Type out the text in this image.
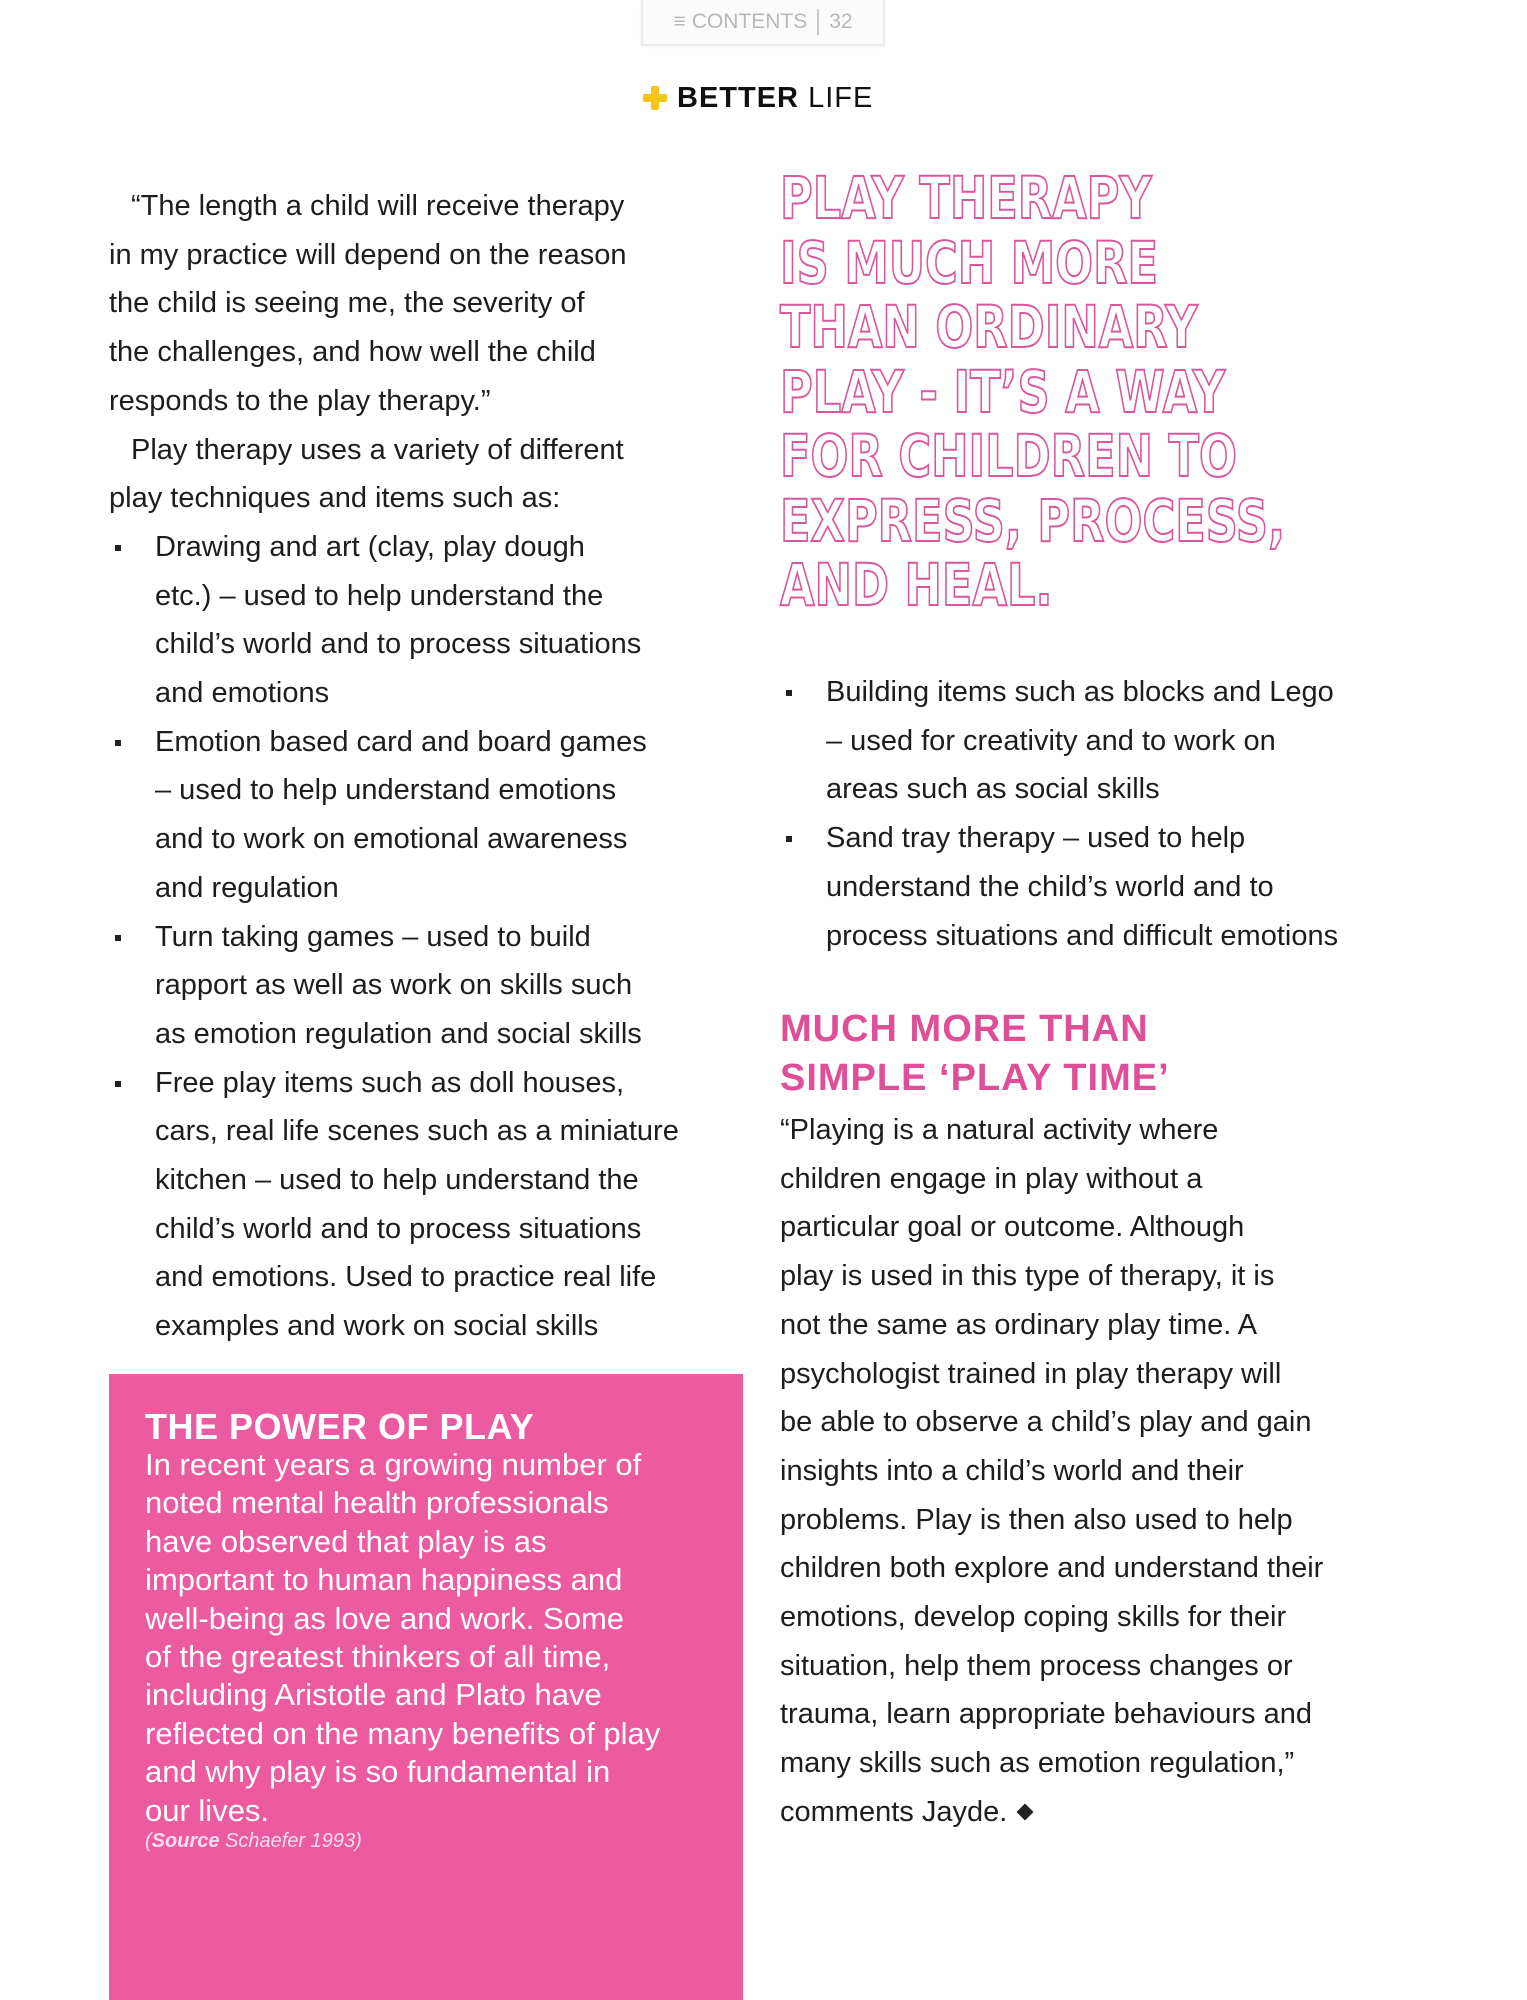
≡ CONTENTS 32
BETTER LIFE
“The length a child will receive therapy
in my practice will depend on the reason
the child is seeing me, the severity of
the challenges, and how well the child
responds to the play therapy.”
Play therapy uses a variety of different
play techniques and items such as:
Drawing and art (clay, play dough
etc.) – used to help understand the
child’s world and to process situations
and emotions
Emotion based card and board games
– used to help understand emotions
and to work on emotional awareness
and regulation
Turn taking games – used to build
rapport as well as work on skills such
as emotion regulation and social skills
Free play items such as doll houses,
cars, real life scenes such as a miniature
kitchen – used to help understand the
child’s world and to process situations
and emotions. Used to practice real life
examples and work on social skills
THE POWER OF PLAY
In recent years a growing number of
noted mental health professionals
have observed that play is as
important to human happiness and
well-being as love and work. Some
of the greatest thinkers of all time,
including Aristotle and Plato have
reflected on the many benefits of play
and why play is so fundamental in
our lives.
(Source Schaefer 1993)
PLAY THERAPY
IS MUCH MORE
THAN ORDINARY
PLAY - IT’S A WAY
FOR CHILDREN TO
EXPRESS, PROCESS,
AND HEAL.
Building items such as blocks and Lego
– used for creativity and to work on
areas such as social skills
Sand tray therapy – used to help
understand the child’s world and to
process situations and difficult emotions
MUCH MORE THAN
SIMPLE ‘PLAY TIME’
“Playing is a natural activity where
children engage in play without a
particular goal or outcome. Although
play is used in this type of therapy, it is
not the same as ordinary play time. A
psychologist trained in play therapy will
be able to observe a child’s play and gain
insights into a child’s world and their
problems. Play is then also used to help
children both explore and understand their
emotions, develop coping skills for their
situation, help them process changes or
trauma, learn appropriate behaviours and
many skills such as emotion regulation,”
comments Jayde.
